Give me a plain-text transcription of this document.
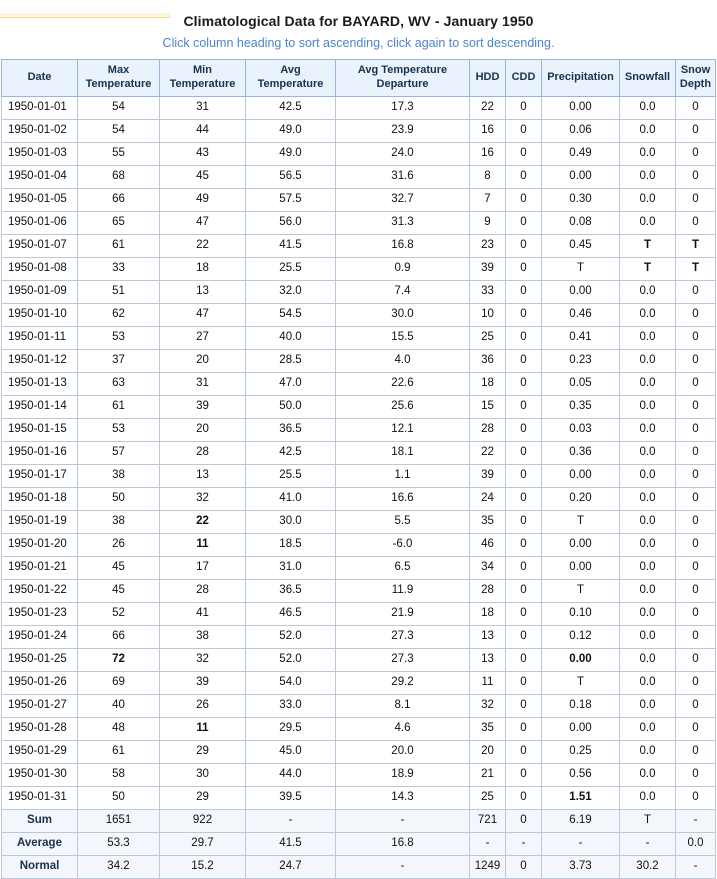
Climatological Data for BAYARD, WV - January 1950
Click column heading to sort ascending, click again to sort descending.
Date	Max Temperature	Min Temperature	Avg Temperature	Avg Temperature Departure	HDD	CDD	Precipitation	Snowfall	Snow Depth
1950-01-01	54	31	42.5	17.3	22	0	0.00	0.0	0
1950-01-02	54	44	49.0	23.9	16	0	0.06	0.0	0
1950-01-03	55	43	49.0	24.0	16	0	0.49	0.0	0
1950-01-04	68	45	56.5	31.6	8	0	0.00	0.0	0
1950-01-05	66	49	57.5	32.7	7	0	0.30	0.0	0
1950-01-06	65	47	56.0	31.3	9	0	0.08	0.0	0
1950-01-07	61	22	41.5	16.8	23	0	0.45	T	T
1950-01-08	33	18	25.5	0.9	39	0	T	T	T
1950-01-09	51	13	32.0	7.4	33	0	0.00	0.0	0
1950-01-10	62	47	54.5	30.0	10	0	0.46	0.0	0
1950-01-11	53	27	40.0	15.5	25	0	0.41	0.0	0
1950-01-12	37	20	28.5	4.0	36	0	0.23	0.0	0
1950-01-13	63	31	47.0	22.6	18	0	0.05	0.0	0
1950-01-14	61	39	50.0	25.6	15	0	0.35	0.0	0
1950-01-15	53	20	36.5	12.1	28	0	0.03	0.0	0
1950-01-16	57	28	42.5	18.1	22	0	0.36	0.0	0
1950-01-17	38	13	25.5	1.1	39	0	0.00	0.0	0
1950-01-18	50	32	41.0	16.6	24	0	0.20	0.0	0
1950-01-19	38	22	30.0	5.5	35	0	T	0.0	0
1950-01-20	26	11	18.5	-6.0	46	0	0.00	0.0	0
1950-01-21	45	17	31.0	6.5	34	0	0.00	0.0	0
1950-01-22	45	28	36.5	11.9	28	0	T	0.0	0
1950-01-23	52	41	46.5	21.9	18	0	0.10	0.0	0
1950-01-24	66	38	52.0	27.3	13	0	0.12	0.0	0
1950-01-25	72	32	52.0	27.3	13	0	0.00	0.0	0
1950-01-26	69	39	54.0	29.2	11	0	T	0.0	0
1950-01-27	40	26	33.0	8.1	32	0	0.18	0.0	0
1950-01-28	48	11	29.5	4.6	35	0	0.00	0.0	0
1950-01-29	61	29	45.0	20.0	20	0	0.25	0.0	0
1950-01-30	58	30	44.0	18.9	21	0	0.56	0.0	0
1950-01-31	50	29	39.5	14.3	25	0	1.51	0.0	0
Sum	1651	922	-	-	721	0	6.19	T	-
Average	53.3	29.7	41.5	16.8	-	-	-	-	0.0
Normal	34.2	15.2	24.7	-	1249	0	3.73	30.2	-
